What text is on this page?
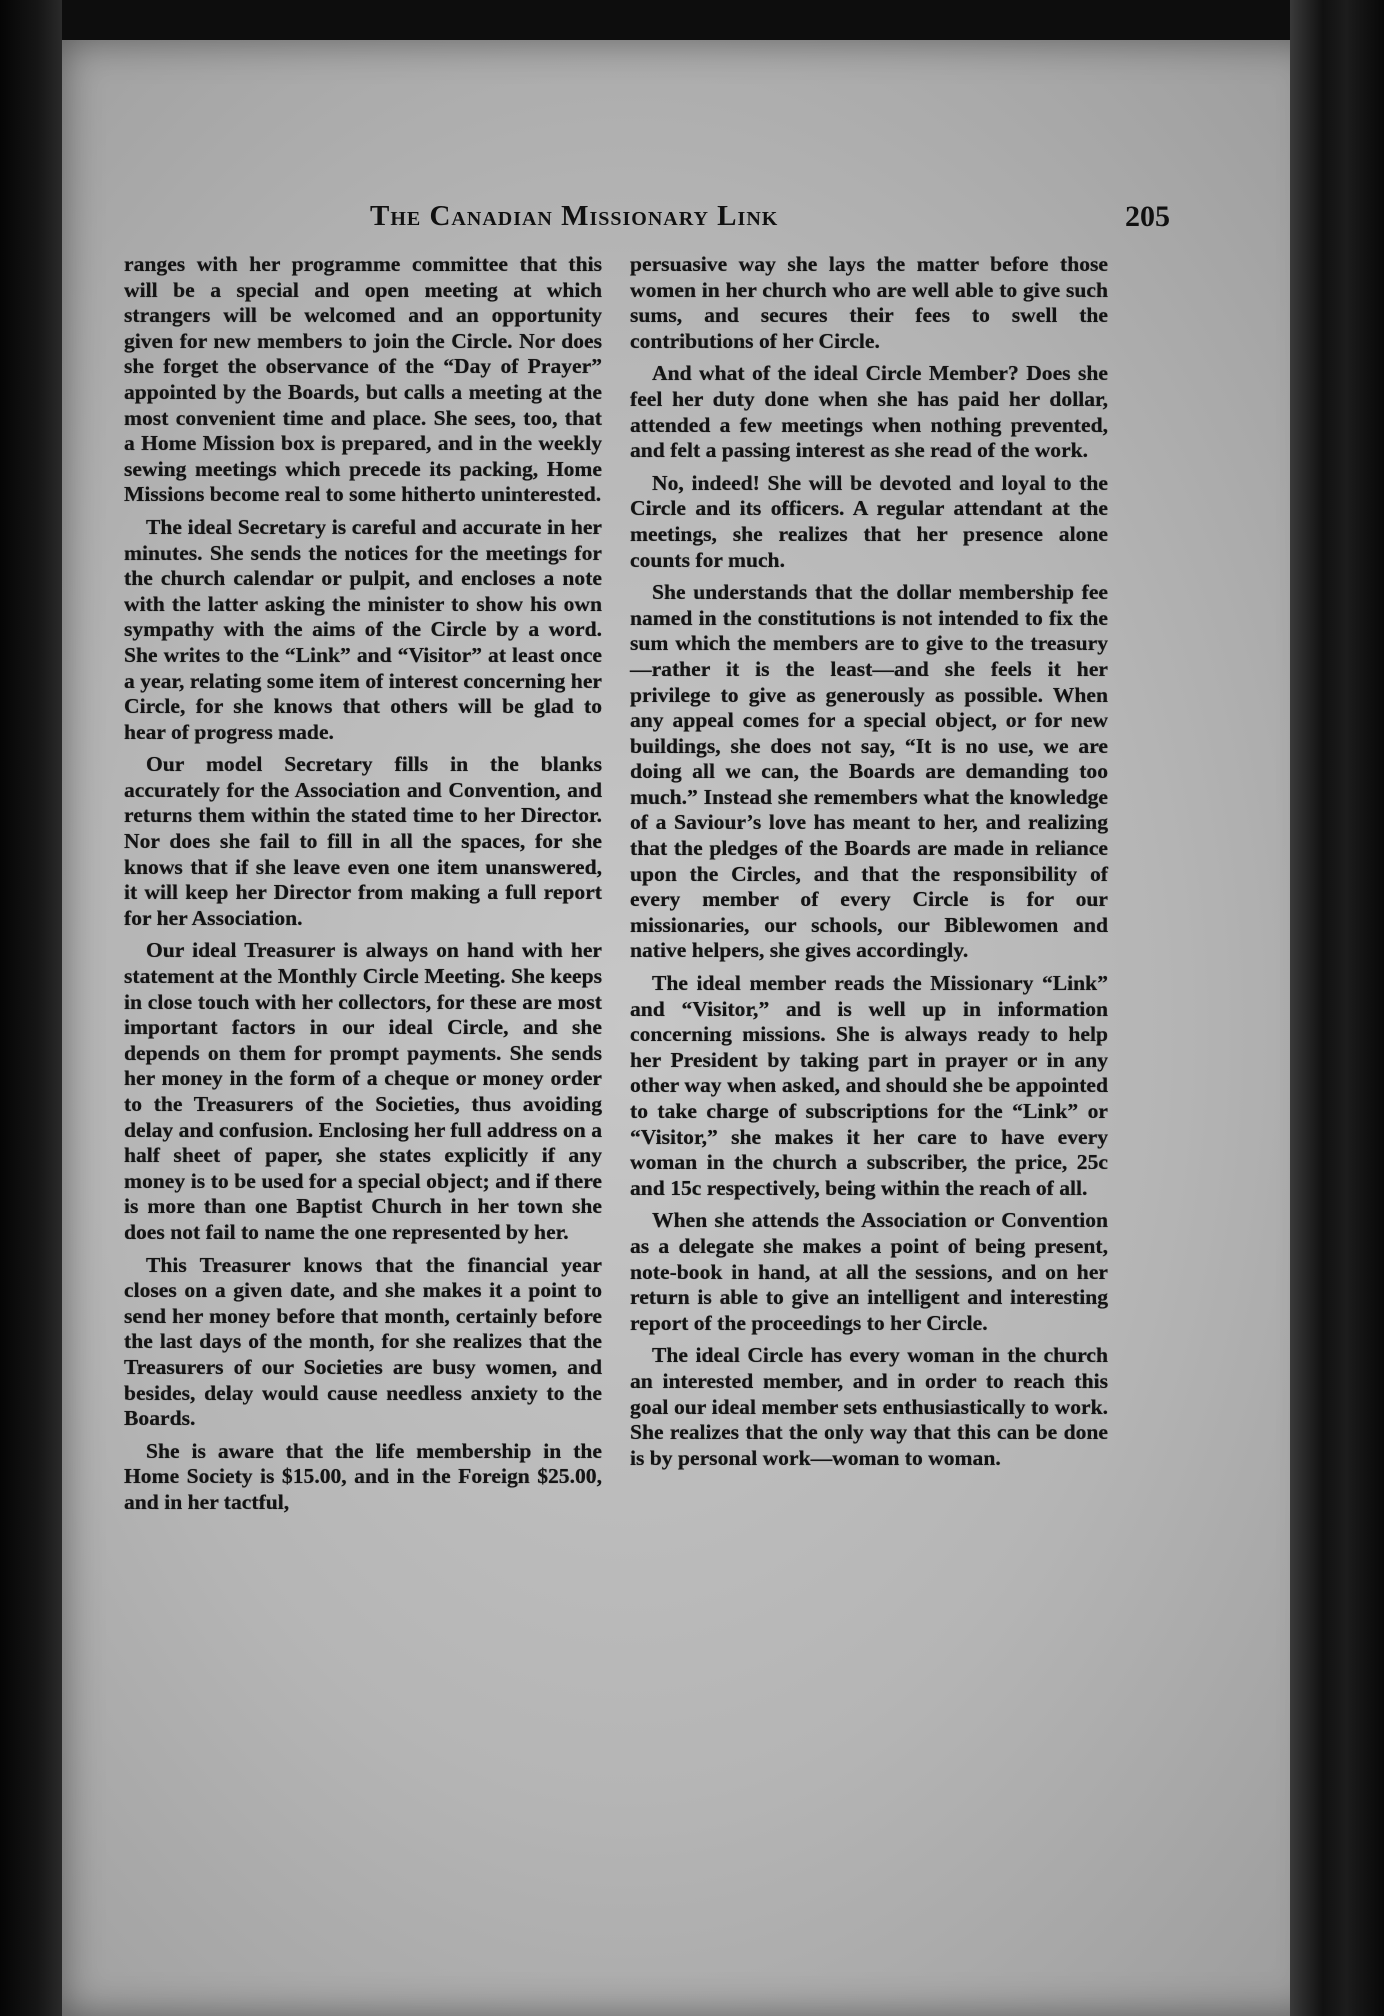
The Canadian Missionary Link	205

ranges with her programme committee that this will be a special and open meeting at which strangers will be welcomed and an opportunity given for new members to join the Circle. Nor does she forget the observance of the “Day of Prayer” appointed by the Boards, but calls a meeting at the most convenient time and place. She sees, too, that a Home Mission box is prepared, and in the weekly sewing meetings which precede its packing, Home Missions become real to some hitherto uninterested.

The ideal Secretary is careful and accurate in her minutes. She sends the notices for the meetings for the church calendar or pulpit, and encloses a note with the latter asking the minister to show his own sympathy with the aims of the Circle by a word. She writes to the “Link” and “Visitor” at least once a year, relating some item of interest concerning her Circle, for she knows that others will be glad to hear of progress made.

Our model Secretary fills in the blanks accurately for the Association and Convention, and returns them within the stated time to her Director. Nor does she fail to fill in all the spaces, for she knows that if she leave even one item unanswered, it will keep her Director from making a full report for her Association.

Our ideal Treasurer is always on hand with her statement at the Monthly Circle Meeting. She keeps in close touch with her collectors, for these are most important factors in our ideal Circle, and she depends on them for prompt payments. She sends her money in the form of a cheque or money order to the Treasurers of the Societies, thus avoiding delay and confusion. Enclosing her full address on a half sheet of paper, she states explicitly if any money is to be used for a special object; and if there is more than one Baptist Church in her town she does not fail to name the one represented by her.

This Treasurer knows that the financial year closes on a given date, and she makes it a point to send her money before that month, certainly before the last days of the month, for she realizes that the Treasurers of our Societies are busy women, and besides, delay would cause needless anxiety to the Boards.

She is aware that the life membership in the Home Society is $15.00, and in the Foreign $25.00, and in her tactful,

persuasive way she lays the matter before those women in her church who are well able to give such sums, and secures their fees to swell the contributions of her Circle.

And what of the ideal Circle Member? Does she feel her duty done when she has paid her dollar, attended a few meetings when nothing prevented, and felt a passing interest as she read of the work.

No, indeed! She will be devoted and loyal to the Circle and its officers. A regular attendant at the meetings, she realizes that her presence alone counts for much.

She understands that the dollar membership fee named in the constitutions is not intended to fix the sum which the members are to give to the treasury —rather it is the least—and she feels it her privilege to give as generously as possible. When any appeal comes for a special object, or for new buildings, she does not say, “It is no use, we are doing all we can, the Boards are demanding too much.” Instead she remembers what the knowledge of a Saviour’s love has meant to her, and realizing that the pledges of the Boards are made in reliance upon the Circles, and that the responsibility of every member of every Circle is for our missionaries, our schools, our Biblewomen and native helpers, she gives accordingly.

The ideal member reads the Missionary “Link” and “Visitor,” and is well up in information concerning missions. She is always ready to help her President by taking part in prayer or in any other way when asked, and should she be appointed to take charge of subscriptions for the “Link” or “Visitor,” she makes it her care to have every woman in the church a subscriber, the price, 25c and 15c respectively, being within the reach of all.

When she attends the Association or Convention as a delegate she makes a point of being present, note-book in hand, at all the sessions, and on her return is able to give an intelligent and interesting report of the proceedings to her Circle.

The ideal Circle has every woman in the church an interested member, and in order to reach this goal our ideal member sets enthusiastically to work. She realizes that the only way that this can be done is by personal work—woman to woman.
